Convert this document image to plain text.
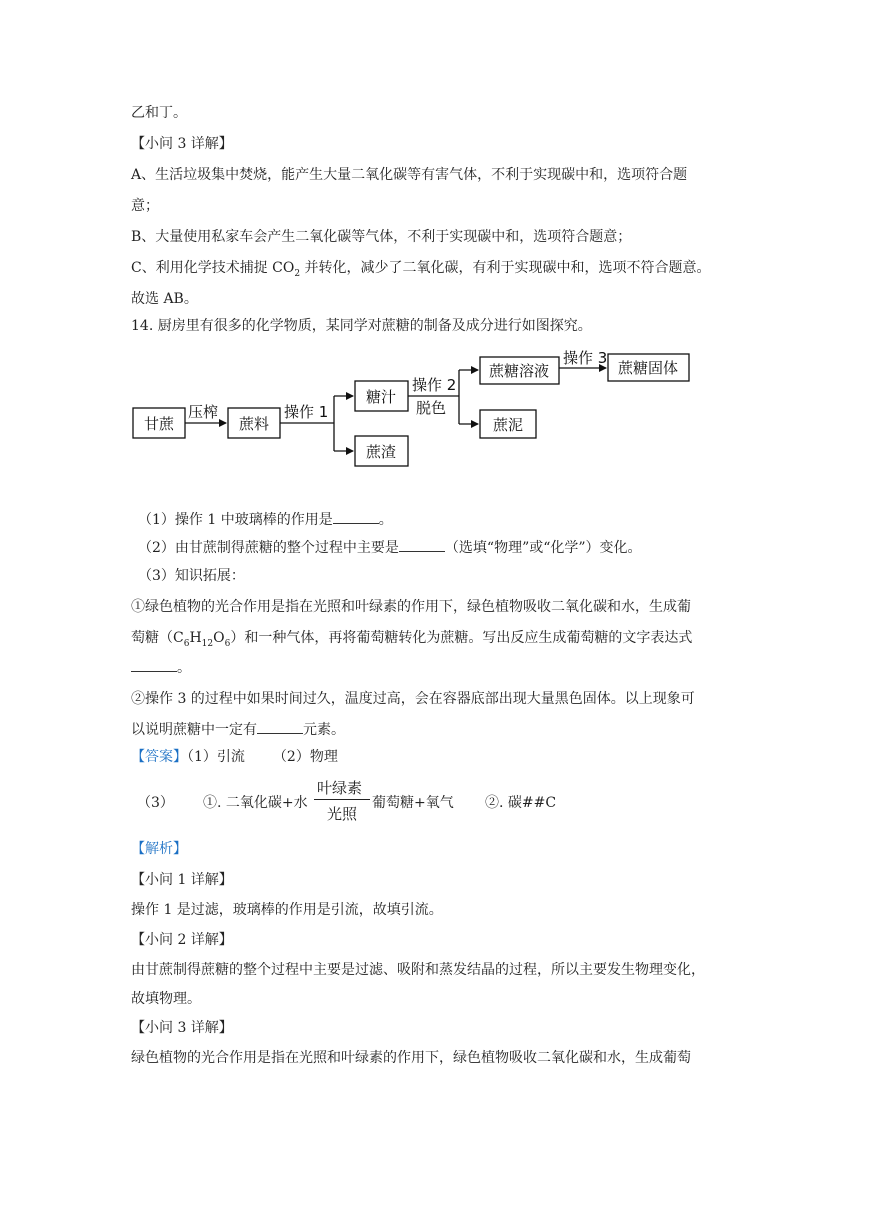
乙和丁。
【小问 3 详解】
A、生活垃圾集中焚烧，能产生大量二氧化碳等有害气体，不利于实现碳中和，选项符合题
意；
B、大量使用私家车会产生二氧化碳等气体，不利于实现碳中和，选项符合题意；
C、利用化学技术捕捉 $CO_2$ 并转化，减少了二氧化碳，有利于实现碳中和，选项不符合题意。
故选 AB。
14. 厨房里有很多的化学物质，某同学对蔗糖的制备及成分进行如图探究。
甘蔗
压榨
蔗料
操作 1
糖汁
蔗渣
操作 2
脱色
蔗糖溶液
蔗泥
操作 3
蔗糖固体
（1）操作 1 中玻璃棒的作用是	。
（2）由甘蔗制得蔗糖的整个过程中主要是	（选填“物理”或“化学”）变化。
（3）知识拓展：
①绿色植物的光合作用是指在光照和叶绿素的作用下，绿色植物吸收二氧化碳和水，生成葡
萄糖$(C_6H_{12}O_6)$和一种气体，再将葡萄糖转化为蔗糖。写出反应生成葡萄糖的文字表达式
。
②操作 3 的过程中如果时间过久，温度过高，会在容器底部出现大量黑色固体。以上现象可
以说明蔗糖中一定有	元素。
【答案】（1）引流 （2）物理
（3） ①. 二氧化碳+水
叶绿素
光照
葡萄糖+氧气 ②. 碳##C
【解析】
【小问 1 详解】
操作 1 是过滤，玻璃棒的作用是引流，故填引流。
【小问 2 详解】
由甘蔗制得蔗糖的整个过程中主要是过滤、吸附和蒸发结晶的过程，所以主要发生物理变化，
故填物理。
【小问 3 详解】
绿色植物的光合作用是指在光照和叶绿素的作用下，绿色植物吸收二氧化碳和水，生成葡萄
